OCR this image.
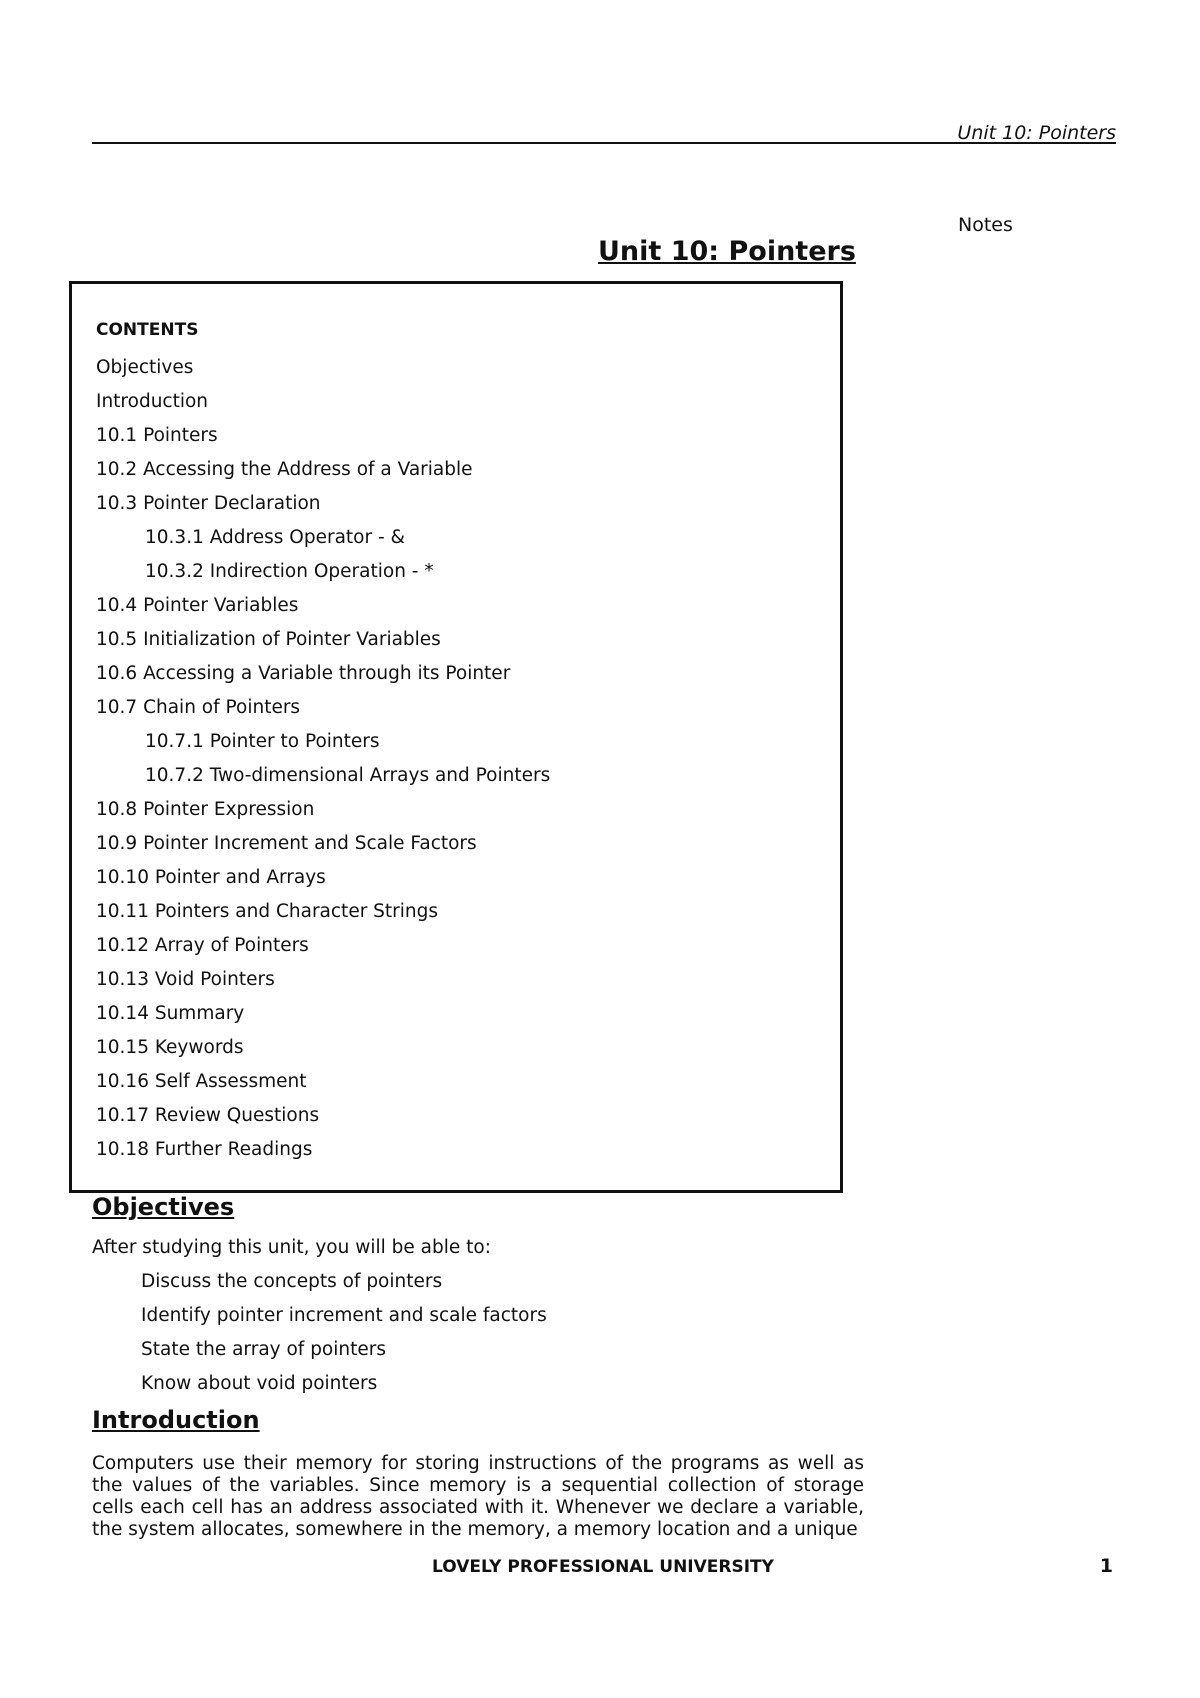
Unit 10: Pointers
Notes
Unit 10: Pointers
CONTENTS
Objectives
Introduction
10.1 Pointers
10.2 Accessing the Address of a Variable
10.3 Pointer Declaration
10.3.1 Address Operator - &
10.3.2 Indirection Operation - *
10.4 Pointer Variables
10.5 Initialization of Pointer Variables
10.6 Accessing a Variable through its Pointer
10.7 Chain of Pointers
10.7.1 Pointer to Pointers
10.7.2 Two-dimensional Arrays and Pointers
10.8 Pointer Expression
10.9 Pointer Increment and Scale Factors
10.10 Pointer and Arrays
10.11 Pointers and Character Strings
10.12 Array of Pointers
10.13 Void Pointers
10.14 Summary
10.15 Keywords
10.16 Self Assessment
10.17 Review Questions
10.18 Further Readings
Objectives
After studying this unit, you will be able to:
Discuss the concepts of pointers
Identify pointer increment and scale factors
State the array of pointers
Know about void pointers
Introduction

Computers use their memory for storing instructions of the programs as well as the values of the variables. Since memory is a sequential collection of storage cells each cell has an address associated with it. Whenever we declare a variable, the system allocates, somewhere in the memory, a memory location and a unique

LOVELY PROFESSIONAL UNIVERSITY	1
